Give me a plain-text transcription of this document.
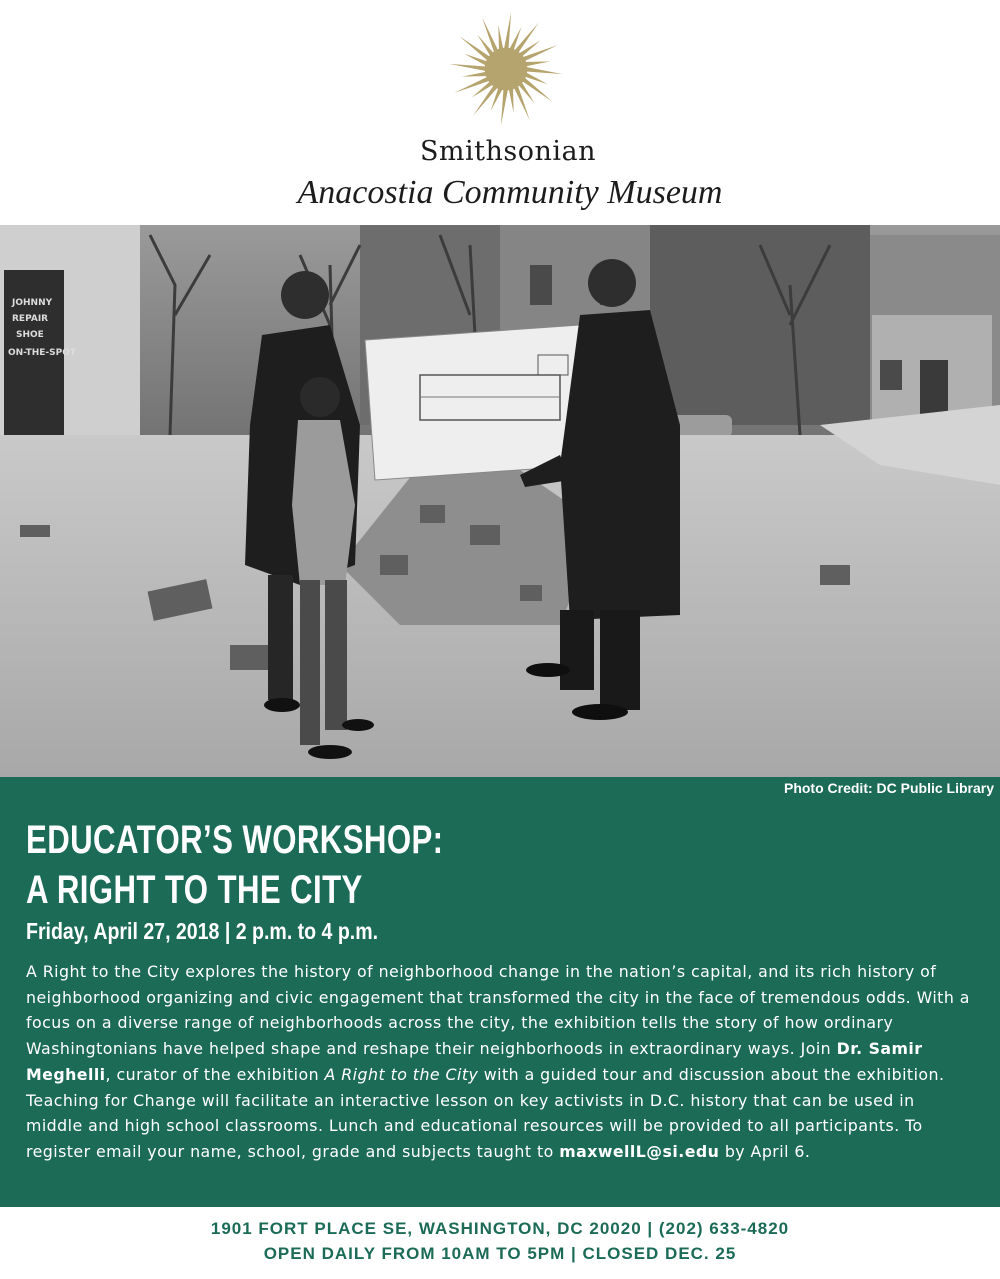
Smithsonian
Anacostia Community Museum
JOHNNY REPAIR SHOE ON-THE-SPOT
Photo Credit: DC Public Library
EDUCATOR’S WORKSHOP:
A RIGHT TO THE CITY
Friday, April 27, 2018 | 2 p.m. to 4 p.m.
A Right to the City explores the history of neighborhood change in the nation’s capital, and its rich history of neighborhood organizing and civic engagement that transformed the city in the face of tremendous odds. With a focus on a diverse range of neighborhoods across the city, the exhibition tells the story of how ordinary Washingtonians have helped shape and reshape their neighborhoods in extraordinary ways. Join Dr. Samir Meghelli, curator of the exhibition A Right to the City with a guided tour and discussion about the exhibition. Teaching for Change will facilitate an interactive lesson on key activists in D.C. history that can be used in middle and high school classrooms. Lunch and educational resources will be provided to all participants. To register email your name, school, grade and subjects taught to maxwellL@si.edu by April 6.
1901 FORT PLACE SE, WASHINGTON, DC 20020 | (202) 633-4820
OPEN DAILY FROM 10AM TO 5PM | CLOSED DEC. 25
